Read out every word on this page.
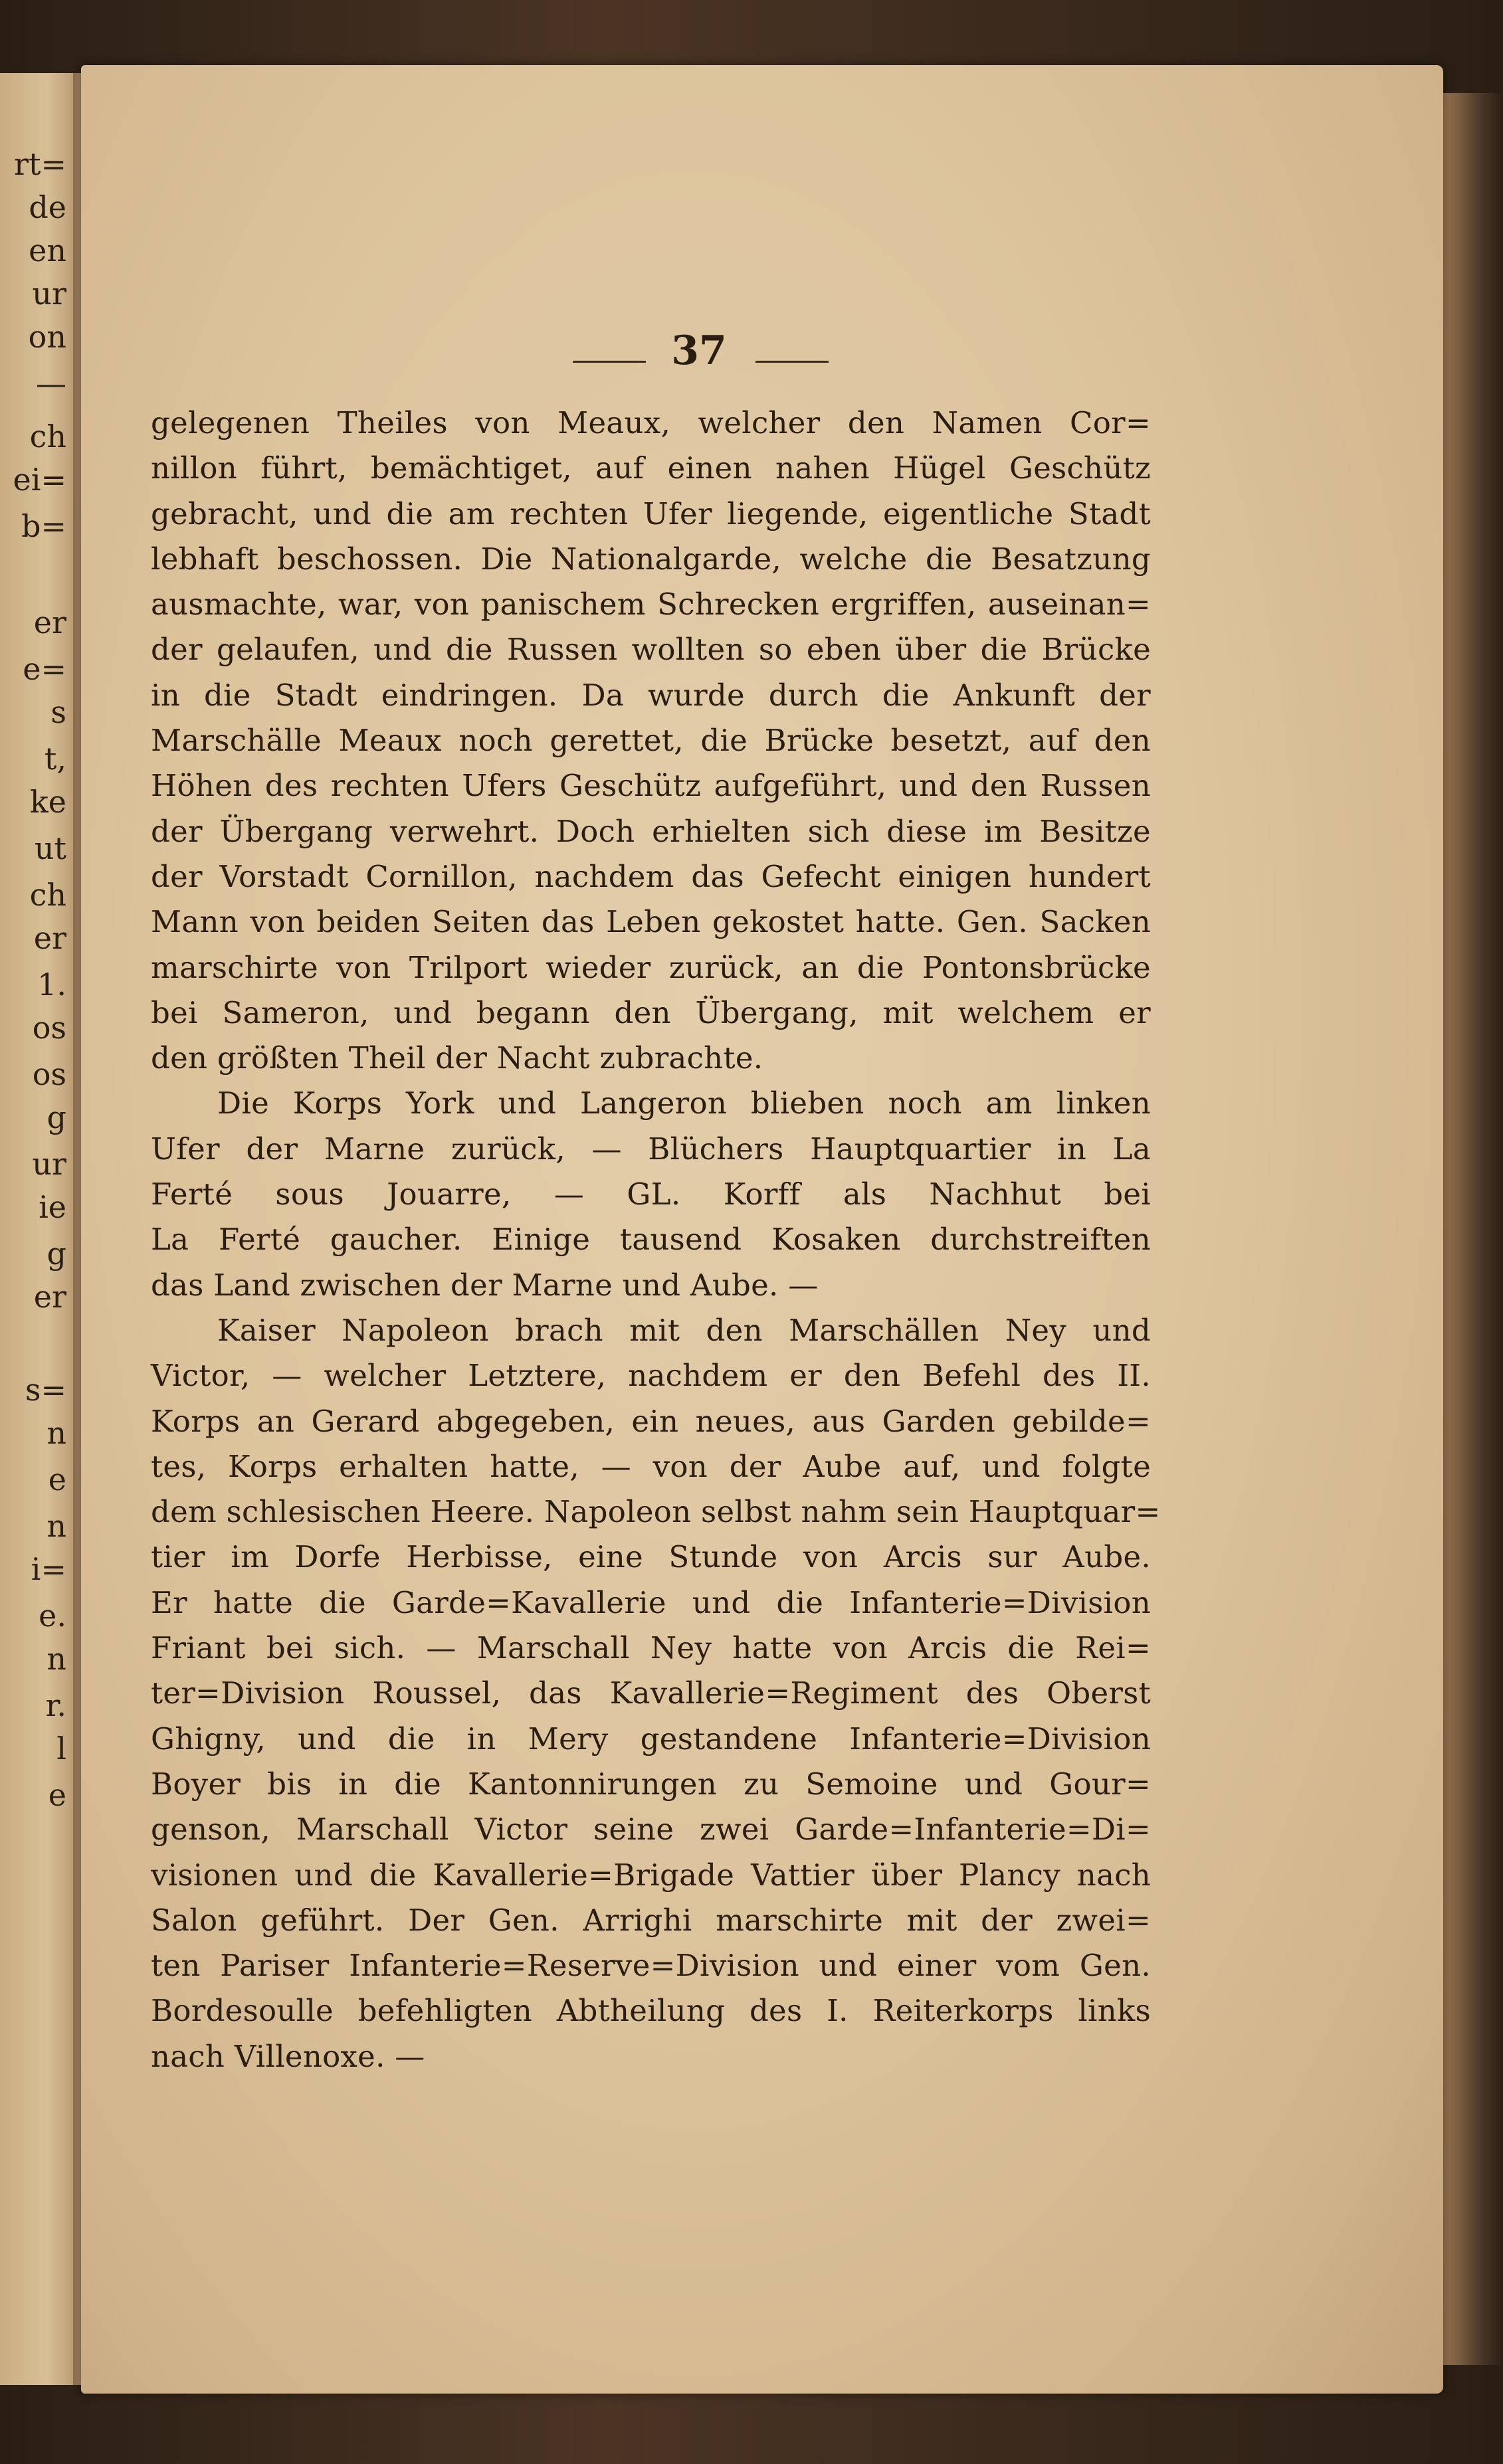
rt=
de
en
ur
on
—
ch
ei=
b=
er
e=
s
t,
ke
ut
ch
er
1.
os
os
g
ur
ie
g
er
s=
n
e
n
i=
e.
n
r.
l
e
37
gelegenen Theiles von Meaux, welcher den Namen Cor=
nillon führt, bemächtiget, auf einen nahen Hügel Geschütz
gebracht, und die am rechten Ufer liegende, eigentliche Stadt
lebhaft beschossen. Die Nationalgarde, welche die Besatzung
ausmachte, war, von panischem Schrecken ergriffen, auseinan=
der gelaufen, und die Russen wollten so eben über die Brücke
in die Stadt eindringen. Da wurde durch die Ankunft der
Marschälle Meaux noch gerettet, die Brücke besetzt, auf den
Höhen des rechten Ufers Geschütz aufgeführt, und den Russen
der Übergang verwehrt. Doch erhielten sich diese im Besitze
der Vorstadt Cornillon, nachdem das Gefecht einigen hundert
Mann von beiden Seiten das Leben gekostet hatte. Gen. Sacken
marschirte von Trilport wieder zurück, an die Pontonsbrücke
bei Sameron, und begann den Übergang, mit welchem er
den größten Theil der Nacht zubrachte.
Die Korps York und Langeron blieben noch am linken
Ufer der Marne zurück, — Blüchers Hauptquartier in La
Ferté sous Jouarre, — GL. Korff als Nachhut bei
La Ferté gaucher. Einige tausend Kosaken durchstreiften
das Land zwischen der Marne und Aube. —
Kaiser Napoleon brach mit den Marschällen Ney und
Victor, — welcher Letztere, nachdem er den Befehl des II.
Korps an Gerard abgegeben, ein neues, aus Garden gebilde=
tes, Korps erhalten hatte, — von der Aube auf, und folgte
dem schlesischen Heere. Napoleon selbst nahm sein Hauptquar=
tier im Dorfe Herbisse, eine Stunde von Arcis sur Aube.
Er hatte die Garde=Kavallerie und die Infanterie=Division
Friant bei sich. — Marschall Ney hatte von Arcis die Rei=
ter=Division Roussel, das Kavallerie=Regiment des Oberst
Ghigny, und die in Mery gestandene Infanterie=Division
Boyer bis in die Kantonnirungen zu Semoine und Gour=
genson, Marschall Victor seine zwei Garde=Infanterie=Di=
visionen und die Kavallerie=Brigade Vattier über Plancy nach
Salon geführt. Der Gen. Arrighi marschirte mit der zwei=
ten Pariser Infanterie=Reserve=Division und einer vom Gen.
Bordesoulle befehligten Abtheilung des I. Reiterkorps links
nach Villenoxe. —
